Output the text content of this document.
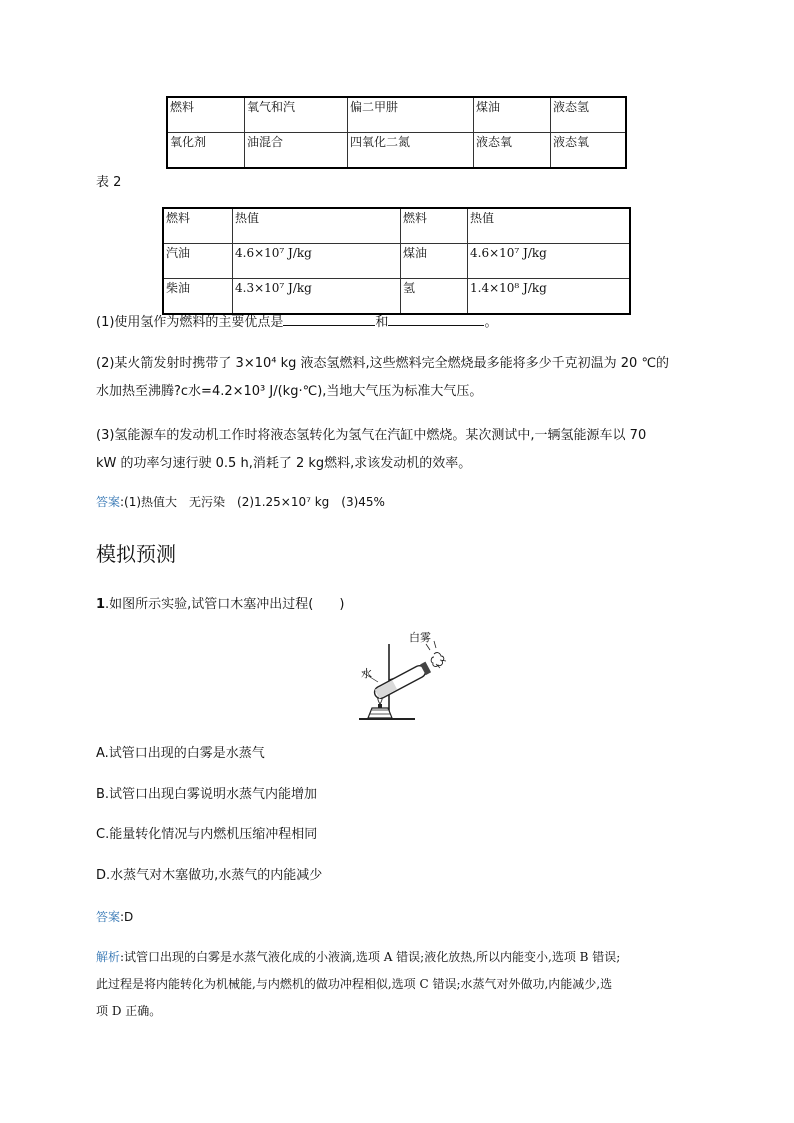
燃料	氧气和汽	偏二甲肼	煤油	液态氢
氧化剂	油混合	四氧化二氮	液态氧	液态氧
表 2
燃料	热值	燃料	热值
汽油	4.6×10⁷ J/kg	煤油	4.6×10⁷ J/kg
柴油	4.3×10⁷ J/kg	氢	1.4×10⁸ J/kg
(1)使用氢作为燃料的主要优点是	和	。
(2)某火箭发射时携带了 3×10⁴ kg 液态氢燃料,这些燃料完全燃烧最多能将多少千克初温为 20 ℃的
水加热至沸腾?c水=4.2×10³ J/(kg·℃),当地大气压为标准大气压。
(3)氢能源车的发动机工作时将液态氢转化为氢气在汽缸中燃烧。某次测试中,一辆氢能源车以 70
kW 的功率匀速行驶 0.5 h,消耗了 2 kg燃料,求该发动机的效率。
答案:(1)热值大　无污染　(2)1.25×10⁷ kg　(3)45%
模拟预测
1.如图所示实验,试管口木塞冲出过程(　　)
白雾
水
A.试管口出现的白雾是水蒸气
B.试管口出现白雾说明水蒸气内能增加
C.能量转化情况与内燃机压缩冲程相同
D.水蒸气对木塞做功,水蒸气的内能减少
答案:D
解析:试管口出现的白雾是水蒸气液化成的小液滴,选项 A 错误;液化放热,所以内能变小,选项 B 错误;
此过程是将内能转化为机械能,与内燃机的做功冲程相似,选项 C 错误;水蒸气对外做功,内能减少,选
项 D 正确。
